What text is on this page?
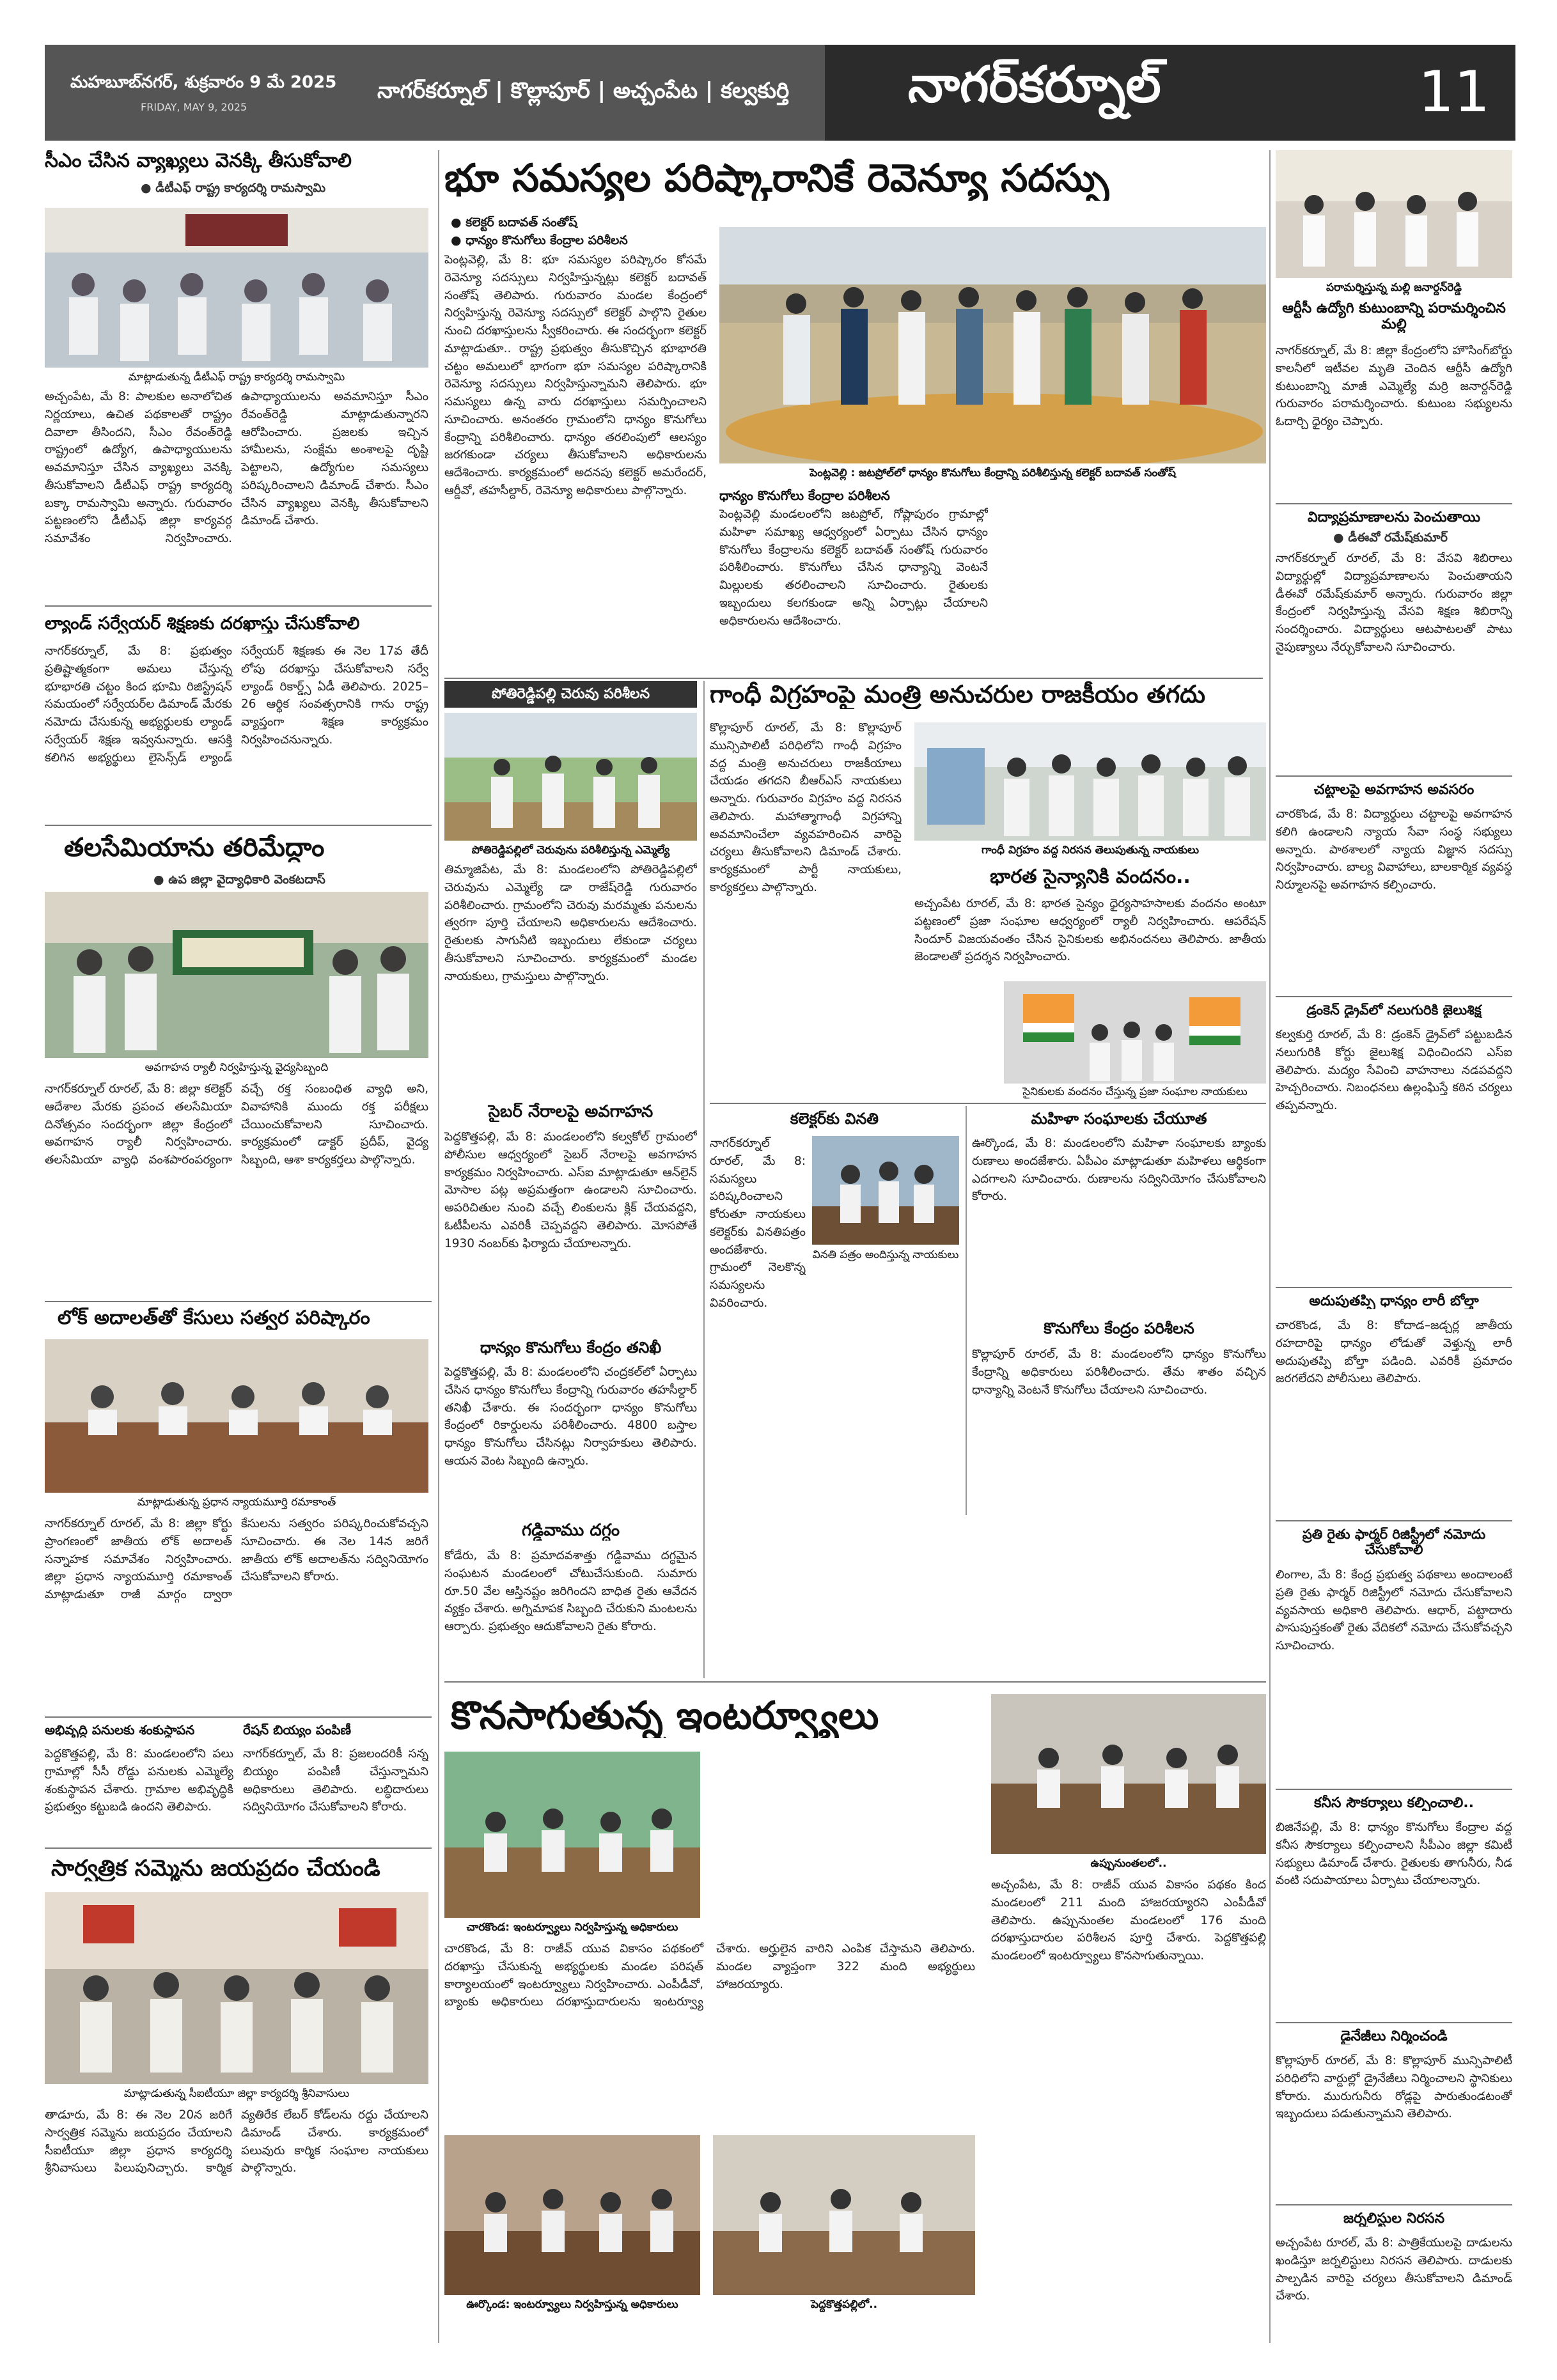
మహబూబ్‌నగర్, శుక్రవారం 9 మే 2025
FRIDAY, MAY 9, 2025
నాగర్‌కర్నూల్ | కొల్లాపూర్ | అచ్చంపేట | కల్వకుర్తి నాగర్‌కర్నూల్	11
సీఎం చేసిన వ్యాఖ్యలు వెనక్కి తీసుకోవాలి
● డీటీఎఫ్ రాష్ట్ర కార్యదర్శి రామస్వామి
మాట్లాడుతున్న డీటీఎఫ్ రాష్ట్ర కార్యదర్శి రామస్వామి
అచ్చంపేట, మే 8: పాలకుల అనాలోచిత నిర్ణయాలు, ఉచిత పథకాలతో రాష్ట్రం దివాలా తీసిందని, సీఎం రేవంత్‌రెడ్డి రాష్ట్రంలో ఉద్యోగ, ఉపాధ్యాయులను అవమానిస్తూ చేసిన వ్యాఖ్యలు వెనక్కి తీసుకోవాలని డీటీఎఫ్ రాష్ట్ర కార్యదర్శి బక్కా రామస్వామి అన్నారు. గురువారం పట్టణంలోని డీటీఎఫ్ జిల్లా కార్యవర్గ సమావేశం నిర్వహించారు. ఉపాధ్యాయులను అవమానిస్తూ సీఎం రేవంత్‌రెడ్డి మాట్లాడుతున్నారని ఆరోపించారు. ప్రజలకు ఇచ్చిన హామీలను, సంక్షేమ అంశాలపై దృష్టి పెట్టాలని, ఉద్యోగుల సమస్యలు పరిష్కరించాలని డిమాండ్ చేశారు. సీఎం చేసిన వ్యాఖ్యలు వెనక్కి తీసుకోవాలని డిమాండ్ చేశారు.
ల్యాండ్ సర్వేయర్ శిక్షణకు దరఖాస్తు చేసుకోవాలి
నాగర్‌కర్నూల్, మే 8: ప్రభుత్వం ప్రతిష్టాత్మకంగా అమలు చేస్తున్న భూభారతి చట్టం కింద భూమి రిజిస్ట్రేషన్ సమయంలో సర్వేయర్‌ల డిమాండ్ మేరకు నమోదు చేసుకున్న అభ్యర్థులకు ల్యాండ్ సర్వేయర్ శిక్షణ ఇవ్వనున్నారు. ఆసక్తి కలిగిన అభ్యర్థులు లైసెన్స్‌డ్ ల్యాండ్ సర్వేయర్ శిక్షణకు ఈ నెల 17వ తేదీ లోపు దరఖాస్తు చేసుకోవాలని సర్వే ల్యాండ్ రికార్డ్స్ ఏడీ తెలిపారు. 2025–26 ఆర్థిక సంవత్సరానికి గాను రాష్ట్ర వ్యాప్తంగా శిక్షణ కార్యక్రమం నిర్వహించనున్నారు.
తలసేమియాను తరిమేద్దాం
● ఉప జిల్లా వైద్యాధికారి వెంకటదాస్
అవగాహన ర్యాలీ నిర్వహిస్తున్న వైద్యసిబ్బంది
నాగర్‌కర్నూల్ రూరల్, మే 8: జిల్లా కలెక్టర్ ఆదేశాల మేరకు ప్రపంచ తలసేమియా దినోత్సవం సందర్భంగా జిల్లా కేంద్రంలో అవగాహన ర్యాలీ నిర్వహించారు. తలసేమియా వ్యాధి వంశపారంపర్యంగా వచ్చే రక్త సంబంధిత వ్యాధి అని, వివాహానికి ముందు రక్త పరీక్షలు చేయించుకోవాలని సూచించారు. కార్యక్రమంలో డాక్టర్ ప్రదీప్, వైద్య సిబ్బంది, ఆశా కార్యకర్తలు పాల్గొన్నారు.
లోక్ అదాలత్‌తో కేసులు సత్వర పరిష్కారం
మాట్లాడుతున్న ప్రధాన న్యాయమూర్తి రమాకాంత్
నాగర్‌కర్నూల్ రూరల్, మే 8: జిల్లా కోర్టు ప్రాంగణంలో జాతీయ లోక్ అదాలత్ సన్నాహక సమావేశం నిర్వహించారు. జిల్లా ప్రధాన న్యాయమూర్తి రమాకాంత్ మాట్లాడుతూ రాజీ మార్గం ద్వారా కేసులను సత్వరం పరిష్కరించుకోవచ్చని సూచించారు. ఈ నెల 14న జరిగే జాతీయ లోక్ అదాలత్‌ను సద్వినియోగం చేసుకోవాలని కోరారు.
అభివృద్ధి పనులకు శంకుస్థాపన
పెద్దకొత్తపల్లి, మే 8: మండలంలోని పలు గ్రామాల్లో సీసీ రోడ్డు పనులకు ఎమ్మెల్యే శంకుస్థాపన చేశారు. గ్రామాల అభివృద్ధికి ప్రభుత్వం కట్టుబడి ఉందని తెలిపారు.
రేషన్ బియ్యం పంపిణీ
నాగర్‌కర్నూల్, మే 8: ప్రజలందరికీ సన్న బియ్యం పంపిణీ చేస్తున్నామని అధికారులు తెలిపారు. లబ్ధిదారులు సద్వినియోగం చేసుకోవాలని కోరారు.
సార్వత్రిక సమ్మెను జయప్రదం చేయండి
మాట్లాడుతున్న సీఐటీయూ జిల్లా కార్యదర్శి శ్రీనివాసులు
తాడూరు, మే 8: ఈ నెల 20న జరిగే సార్వత్రిక సమ్మెను జయప్రదం చేయాలని సీఐటీయూ జిల్లా ప్రధాన కార్యదర్శి శ్రీనివాసులు పిలుపునిచ్చారు. కార్మిక వ్యతిరేక లేబర్ కోడ్‌లను రద్దు చేయాలని డిమాండ్ చేశారు. కార్యక్రమంలో పలువురు కార్మిక సంఘాల నాయకులు పాల్గొన్నారు.
భూ సమస్యల పరిష్కారానికే రెవెన్యూ సదస్సు
● కలెక్టర్ బదావత్ సంతోష్
● ధాన్యం కొనుగోలు కేంద్రాల పరిశీలన
పెంట్లవెల్లి, మే 8: భూ సమస్యల పరిష్కారం కోసమే రెవెన్యూ సదస్సులు నిర్వహిస్తున్నట్లు కలెక్టర్ బదావత్ సంతోష్ తెలిపారు. గురువారం మండల కేంద్రంలో నిర్వహిస్తున్న రెవెన్యూ సదస్సులో కలెక్టర్ పాల్గొని రైతుల నుంచి దరఖాస్తులను స్వీకరించారు. ఈ సందర్భంగా కలెక్టర్ మాట్లాడుతూ.. రాష్ట్ర ప్రభుత్వం తీసుకొచ్చిన భూభారతి చట్టం అమలులో భాగంగా భూ సమస్యల పరిష్కారానికి రెవెన్యూ సదస్సులు నిర్వహిస్తున్నామని తెలిపారు. భూ సమస్యలు ఉన్న వారు దరఖాస్తులు సమర్పించాలని సూచించారు. అనంతరం గ్రామంలోని ధాన్యం కొనుగోలు కేంద్రాన్ని పరిశీలించారు. ధాన్యం తరలింపులో ఆలస్యం జరగకుండా చర్యలు తీసుకోవాలని అధికారులను ఆదేశించారు. కార్యక్రమంలో అదనపు కలెక్టర్ అమరేందర్, ఆర్డీవో, తహసీల్దార్, రెవెన్యూ అధికారులు పాల్గొన్నారు.
పెంట్లవెల్లి : జటప్రోల్‌లో ధాన్యం కొనుగోలు కేంద్రాన్ని పరిశీలిస్తున్న కలెక్టర్ బదావత్ సంతోష్
ధాన్యం కొనుగోలు కేంద్రాల పరిశీలన
పెంట్లవెల్లి మండలంలోని జటప్రోల్, గోప్లాపురం గ్రామాల్లో మహిళా సమాఖ్య ఆధ్వర్యంలో ఏర్పాటు చేసిన ధాన్యం కొనుగోలు కేంద్రాలను కలెక్టర్ బదావత్ సంతోష్ గురువారం పరిశీలించారు. కొనుగోలు చేసిన ధాన్యాన్ని వెంటనే మిల్లులకు తరలించాలని సూచించారు. రైతులకు ఇబ్బందులు కలగకుండా అన్ని ఏర్పాట్లు చేయాలని అధికారులను ఆదేశించారు.
పోతిరెడ్డిపల్లి చెరువు పరిశీలన
పోతిరెడ్డిపల్లిలో చెరువును పరిశీలిస్తున్న ఎమ్మెల్యే
తిమ్మాజిపేట, మే 8: మండలంలోని పోతిరెడ్డిపల్లిలో చెరువును ఎమ్మెల్యే డా రాజేష్‌రెడ్డి గురువారం పరిశీలించారు. గ్రామంలోని చెరువు మరమ్మతు పనులను త్వరగా పూర్తి చేయాలని అధికారులను ఆదేశించారు. రైతులకు సాగునీటి ఇబ్బందులు లేకుండా చర్యలు తీసుకోవాలని సూచించారు. కార్యక్రమంలో మండల నాయకులు, గ్రామస్తులు పాల్గొన్నారు.
సైబర్ నేరాలపై అవగాహన
పెద్దకొత్తపల్లి, మే 8: మండలంలోని కల్వకోల్ గ్రామంలో పోలీసుల ఆధ్వర్యంలో సైబర్ నేరాలపై అవగాహన కార్యక్రమం నిర్వహించారు. ఎస్ఐ మాట్లాడుతూ ఆన్‌లైన్ మోసాల పట్ల అప్రమత్తంగా ఉండాలని సూచించారు. అపరిచితుల నుంచి వచ్చే లింకులను క్లిక్ చేయవద్దని, ఓటీపీలను ఎవరికీ చెప్పవద్దని తెలిపారు. మోసపోతే 1930 నంబర్‌కు ఫిర్యాదు చేయాలన్నారు.
ధాన్యం కొనుగోలు కేంద్రం తనిఖీ
పెద్దకొత్తపల్లి, మే 8: మండలంలోని చంద్రకల్‌లో ఏర్పాటు చేసిన ధాన్యం కొనుగోలు కేంద్రాన్ని గురువారం తహసీల్దార్ తనిఖీ చేశారు. ఈ సందర్భంగా ధాన్యం కొనుగోలు కేంద్రంలో రికార్డులను పరిశీలించారు. 4800 బస్తాల ధాన్యం కొనుగోలు చేసినట్లు నిర్వాహకులు తెలిపారు. ఆయన వెంట సిబ్బంది ఉన్నారు.
గడ్డివాము దగ్ధం
కోడేరు, మే 8: ప్రమాదవశాత్తు గడ్డివాము దగ్ధమైన సంఘటన మండలంలో చోటుచేసుకుంది. సుమారు రూ.50 వేల ఆస్తినష్టం జరిగిందని బాధిత రైతు ఆవేదన వ్యక్తం చేశారు. అగ్నిమాపక సిబ్బంది చేరుకుని మంటలను ఆర్పారు. ప్రభుత్వం ఆదుకోవాలని రైతు కోరారు.
గాంధీ విగ్రహంపై మంత్రి అనుచరుల రాజకీయం తగదు
కొల్లాపూర్ రూరల్, మే 8: కొల్లాపూర్ మున్సిపాలిటీ పరిధిలోని గాంధీ విగ్రహం వద్ద మంత్రి అనుచరులు రాజకీయాలు చేయడం తగదని బీఆర్ఎస్ నాయకులు అన్నారు. గురువారం విగ్రహం వద్ద నిరసన తెలిపారు. మహాత్మాగాంధీ విగ్రహాన్ని అవమానించేలా వ్యవహరించిన వారిపై చర్యలు తీసుకోవాలని డిమాండ్ చేశారు. కార్యక్రమంలో పార్టీ నాయకులు, కార్యకర్తలు పాల్గొన్నారు.
గాంధీ విగ్రహం వద్ద నిరసన తెలుపుతున్న నాయకులు
భారత సైన్యానికి వందనం..
అచ్చంపేట రూరల్, మే 8: భారత సైన్యం ధైర్యసాహసాలకు వందనం అంటూ పట్టణంలో ప్రజా సంఘాల ఆధ్వర్యంలో ర్యాలీ నిర్వహించారు. ఆపరేషన్ సిందూర్ విజయవంతం చేసిన సైనికులకు అభినందనలు తెలిపారు. జాతీయ జెండాలతో ప్రదర్శన నిర్వహించారు.
సైనికులకు వందనం చేస్తున్న ప్రజా సంఘాల నాయకులు
కలెక్టర్‌కు వినతి
నాగర్‌కర్నూల్ రూరల్, మే 8: సమస్యలు పరిష్కరించాలని కోరుతూ నాయకులు కలెక్టర్‌కు వినతిపత్రం అందజేశారు. గ్రామంలో నెలకొన్న సమస్యలను వివరించారు.
వినతి పత్రం అందిస్తున్న నాయకులు
మహిళా సంఘాలకు చేయూత
ఊర్కొండ, మే 8: మండలంలోని మహిళా సంఘాలకు బ్యాంకు రుణాలు అందజేశారు. ఏపీఎం మాట్లాడుతూ మహిళలు ఆర్థికంగా ఎదగాలని సూచించారు. రుణాలను సద్వినియోగం చేసుకోవాలని కోరారు.
కొనుగోలు కేంద్రం పరిశీలన
కొల్లాపూర్ రూరల్, మే 8: మండలంలోని ధాన్యం కొనుగోలు కేంద్రాన్ని అధికారులు పరిశీలించారు. తేమ శాతం వచ్చిన ధాన్యాన్ని వెంటనే కొనుగోలు చేయాలని సూచించారు.
కొనసాగుతున్న ఇంటర్వ్యూలు
చారకొండ: ఇంటర్వ్యూలు నిర్వహిస్తున్న అధికారులు
చారకొండ, మే 8: రాజీవ్ యువ వికాసం పథకంలో దరఖాస్తు చేసుకున్న అభ్యర్థులకు మండల పరిషత్ కార్యాలయంలో ఇంటర్వ్యూలు నిర్వహించారు. ఎంపీడీవో, బ్యాంకు అధికారులు దరఖాస్తుదారులను ఇంటర్వ్యూ చేశారు. అర్హులైన వారిని ఎంపిక చేస్తామని తెలిపారు. మండల వ్యాప్తంగా 322 మంది అభ్యర్థులు హాజరయ్యారు.
ఉప్పునుంతలలో..
అచ్చంపేట, మే 8: రాజీవ్ యువ వికాసం పథకం కింద మండలంలో 211 మంది హాజరయ్యారని ఎంపీడీవో తెలిపారు. ఉప్పునుంతల మండలంలో 176 మంది దరఖాస్తుదారుల పరిశీలన పూర్తి చేశారు. పెద్దకొత్తపల్లి మండలంలో ఇంటర్వ్యూలు కొనసాగుతున్నాయి.
ఊర్కొండ: ఇంటర్వ్యూలు నిర్వహిస్తున్న అధికారులు	పెద్దకొత్తపల్లిలో..
పరామర్శిస్తున్న మల్లి జనార్దన్‌రెడ్డి
ఆర్టీసీ ఉద్యోగి కుటుంబాన్ని పరామర్శించిన మల్లి
నాగర్‌కర్నూల్, మే 8: జిల్లా కేంద్రంలోని హౌసింగ్‌బోర్డు కాలనీలో ఇటీవల మృతి చెందిన ఆర్టీసీ ఉద్యోగి కుటుంబాన్ని మాజీ ఎమ్మెల్యే మర్రి జనార్దన్‌రెడ్డి గురువారం పరామర్శించారు. కుటుంబ సభ్యులను ఓదార్చి ధైర్యం చెప్పారు.
విద్యాప్రమాణాలను పెంచుతాయి
● డీఈవో రమేష్‌కుమార్
నాగర్‌కర్నూల్ రూరల్, మే 8: వేసవి శిబిరాలు విద్యార్థుల్లో విద్యాప్రమాణాలను పెంచుతాయని డీఈవో రమేష్‌కుమార్ అన్నారు. గురువారం జిల్లా కేంద్రంలో నిర్వహిస్తున్న వేసవి శిక్షణ శిబిరాన్ని సందర్శించారు. విద్యార్థులు ఆటపాటలతో పాటు నైపుణ్యాలు నేర్చుకోవాలని సూచించారు.
చట్టాలపై అవగాహన అవసరం
చారకొండ, మే 8: విద్యార్థులు చట్టాలపై అవగాహన కలిగి ఉండాలని న్యాయ సేవా సంస్థ సభ్యులు అన్నారు. పాఠశాలలో న్యాయ విజ్ఞాన సదస్సు నిర్వహించారు. బాల్య వివాహాలు, బాలకార్మిక వ్యవస్థ నిర్మూలనపై అవగాహన కల్పించారు.
డ్రంకెన్ డ్రైవ్‌లో నలుగురికి జైలుశిక్ష
కల్వకుర్తి రూరల్, మే 8: డ్రంకెన్ డ్రైవ్‌లో పట్టుబడిన నలుగురికి కోర్టు జైలుశిక్ష విధించిందని ఎస్ఐ తెలిపారు. మద్యం సేవించి వాహనాలు నడపవద్దని హెచ్చరించారు. నిబంధనలు ఉల్లంఘిస్తే కఠిన చర్యలు తప్పవన్నారు.
అదుపుతప్పి ధాన్యం లారీ బోల్తా
చారకొండ, మే 8: కోదాడ–జడ్చర్ల జాతీయ రహదారిపై ధాన్యం లోడుతో వెళ్తున్న లారీ అదుపుతప్పి బోల్తా పడింది. ఎవరికీ ప్రమాదం జరగలేదని పోలీసులు తెలిపారు.
ప్రతి రైతు ఫార్మర్ రిజిస్ట్రీలో నమోదు చేసుకోవాలి
లింగాల, మే 8: కేంద్ర ప్రభుత్వ పథకాలు అందాలంటే ప్రతి రైతు ఫార్మర్ రిజిస్ట్రీలో నమోదు చేసుకోవాలని వ్యవసాయ అధికారి తెలిపారు. ఆధార్, పట్టాదారు పాసుపుస్తకంతో రైతు వేదికలో నమోదు చేసుకోవచ్చని సూచించారు.
కనీస సౌకర్యాలు కల్పించాలి..
బిజినేపల్లి, మే 8: ధాన్యం కొనుగోలు కేంద్రాల వద్ద కనీస సౌకర్యాలు కల్పించాలని సీపీఎం జిల్లా కమిటీ సభ్యులు డిమాండ్ చేశారు. రైతులకు తాగునీరు, నీడ వంటి సదుపాయాలు ఏర్పాటు చేయాలన్నారు.
డైనేజీలు నిర్మించండి
కొల్లాపూర్ రూరల్, మే 8: కొల్లాపూర్ మున్సిపాలిటీ పరిధిలోని వార్డుల్లో డ్రైనేజీలు నిర్మించాలని స్థానికులు కోరారు. మురుగునీరు రోడ్లపై పారుతుండటంతో ఇబ్బందులు పడుతున్నామని తెలిపారు.
జర్నలిస్టుల నిరసన
అచ్చంపేట రూరల్, మే 8: పాత్రికేయులపై దాడులను ఖండిస్తూ జర్నలిస్టులు నిరసన తెలిపారు. దాడులకు పాల్పడిన వారిపై చర్యలు తీసుకోవాలని డిమాండ్ చేశారు.
